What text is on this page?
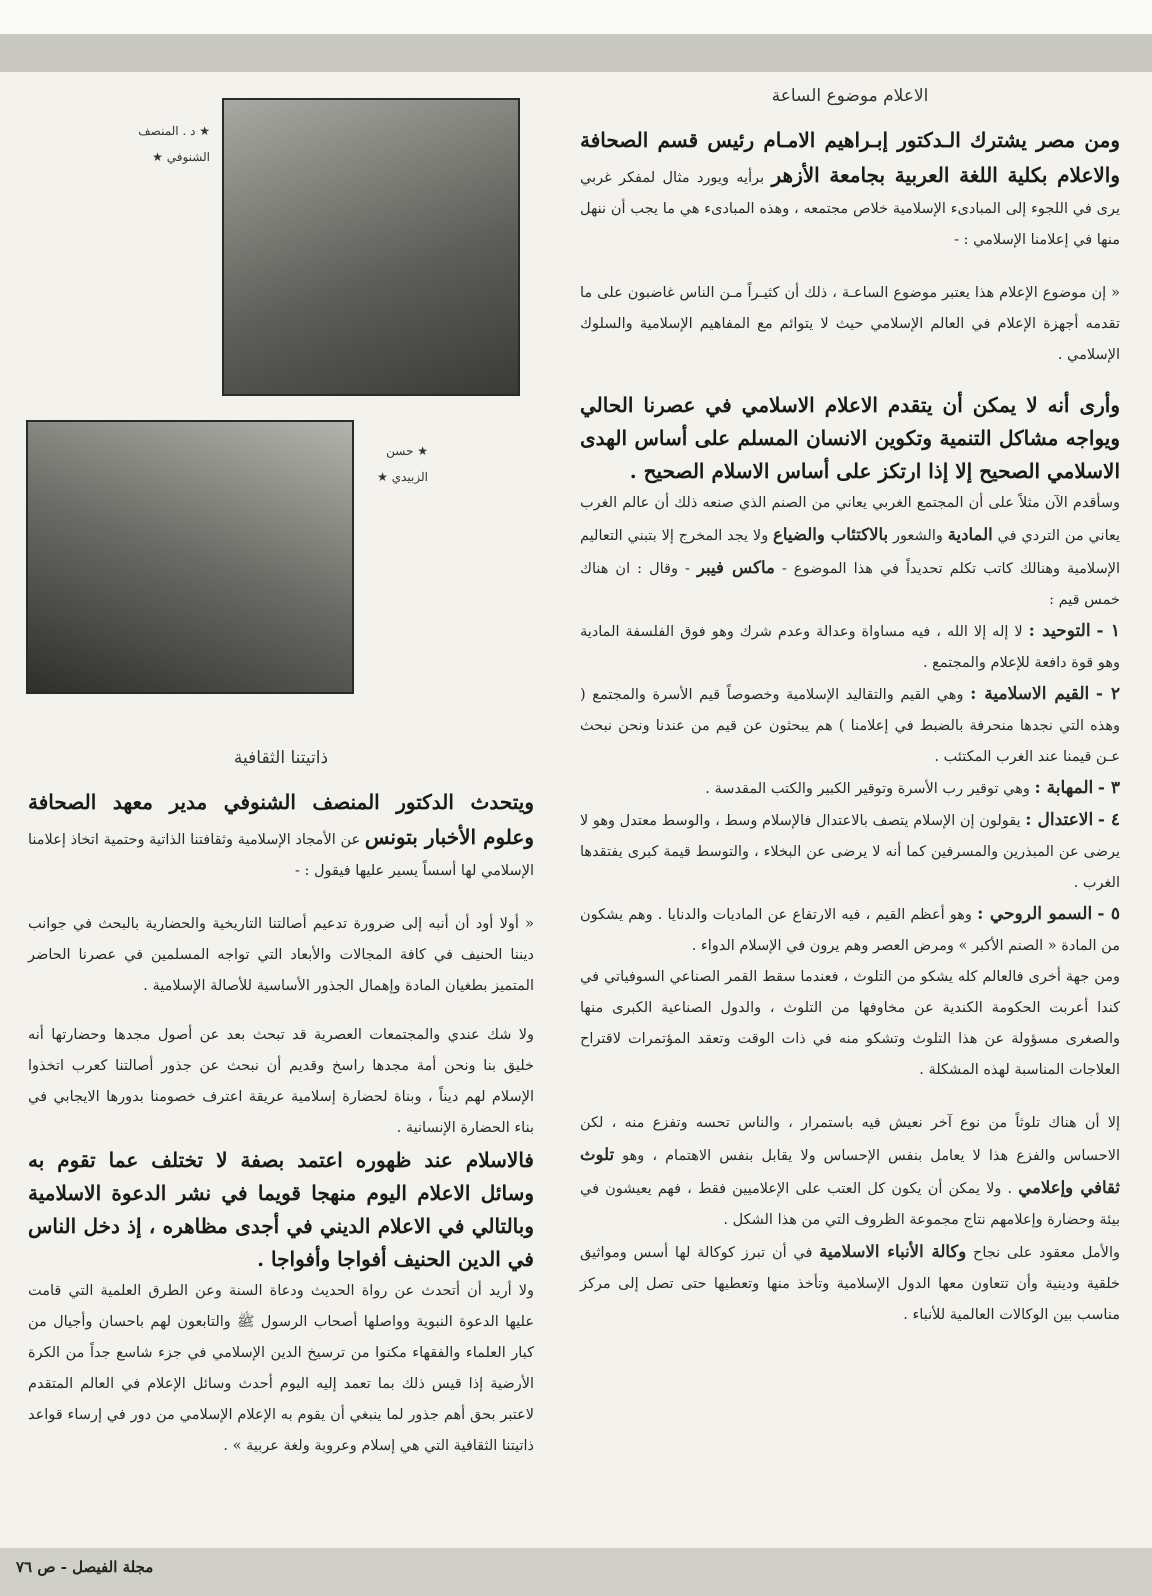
★ د . المنصف
الشنوفي ★
★ حسن
الزبيدي ★
الاعلام موضوع الساعة

ومن مصر يشترك الـدكتور إبـراهيم الامـام رئيس قسم الصحافة والاعلام بكلية اللغة العربية بجامعة الأزهر برأيه ويورد مثال لمفكر غربي يرى في اللجوء إلى المبادىء الإسلامية خلاص مجتمعه ، وهذه المبادىء هي ما يجب أن ننهل منها في إعلامنا الإسلامي : -

« إن موضوع الإعلام هذا يعتبر موضوع الساعـة ، ذلك أن كثيـراً مـن الناس غاضبون على ما تقدمه أجهزة الإعلام في العالم الإسلامي حيث لا يتوائم مع المفاهيم الإسلامية والسلوك الإسلامي .

وأرى أنه لا يمكن أن يتقدم الاعلام الاسلامي في عصرنا الحالي ويواجه مشاكل التنمية وتكوين الانسان المسلم على أساس الهدى الاسلامي الصحيح إلا إذا ارتكز على أساس الاسلام الصحيح .

وسأقدم الآن مثلاً على أن المجتمع الغربي يعاني من الصنم الذي صنعه ذلك أن عالم الغرب يعاني من التردي في المادية والشعور بالاكتئاب والضياع ولا يجد المخرج إلا بتبني التعاليم الإسلامية وهنالك كاتب تكلم تحديداً في هذا الموضوع - ماكس فيبر - وقال : ان هناك خمس قيم :

١ - التوحيد : لا إله إلا الله ، فيه مساواة وعدالة وعدم شرك وهو فوق الفلسفة المادية وهو قوة دافعة للإعلام والمجتمع .

٢ - القيم الاسلامية : وهي القيم والتقاليد الإسلامية وخصوصاً قيم الأسرة والمجتمع ( وهذه التي نجدها منحرفة بالضبط في إعلامنا ) هم يبحثون عن قيم من عندنا ونحن نبحث عـن قيمنا عند الغرب المكتئب .

٣ - المهابة : وهي توقير رب الأسرة وتوقير الكبير والكتب المقدسة .

٤ - الاعتدال : يقولون إن الإسلام يتصف بالاعتدال فالإسلام وسط ، والوسط معتدل وهو لا يرضى عن المبذرين والمسرفين كما أنه لا يرضى عن البخلاء ، والتوسط قيمة كبرى يفتقدها الغرب .

٥ - السمو الروحي : وهو أعظم القيم ، فيه الارتفاع عن الماديات والدنايا . وهم يشكون من المادة « الصنم الأكبر » ومرض العصر وهم يرون في الإسلام الدواء .

ومن جهة أخرى فالعالم كله يشكو من التلوث ، فعندما سقط القمر الصناعي السوفياتي في كندا أعربت الحكومة الكندية عن مخاوفها من التلوث ، والدول الصناعية الكبرى منها والصغرى مسؤولة عن هذا التلوث وتشكو منه في ذات الوقت وتعقد المؤتمرات لاقتراح العلاجات المناسبة لهذه المشكلة .

إلا أن هناك تلوثاً من نوع آخر نعيش فيه باستمرار ، والناس تحسه وتفزع منه ، لكن الاحساس والفزع هذا لا يعامل بنفس الإحساس ولا يقابل بنفس الاهتمام ، وهو تلوث ثقافي وإعلامي . ولا يمكن أن يكون كل العتب على الإعلاميين فقط ، فهم يعيشون في بيئة وحضارة وإعلامهم نتاج مجموعة الظروف التي من هذا الشكل .

والأمل معقود على نجاح وكالة الأنباء الاسلامية في أن تبرز كوكالة لها أسس ومواثيق خلقية ودينية وأن تتعاون معها الدول الإسلامية وتأخذ منها وتعطيها حتى تصل إلى مركز مناسب بين الوكالات العالمية للأنباء .

ذاتيتنا الثقافية

ويتحدث الدكتور المنصف الشنوفي مدير معهد الصحافة وعلوم الأخبار بتونس عن الأمجاد الإسلامية وثقافتنا الذاتية وحتمية اتخاذ إعلامنا الإسلامي لها أسساً يسير عليها فيقول : -

« أولا أود أن أنبه إلى ضرورة تدعيم أصالتنا التاريخية والحضارية بالبحث في جوانب ديننا الحنيف في كافة المجالات والأبعاد التي تواجه المسلمين في عصرنا الحاضر المتميز بطغيان المادة وإهمال الجذور الأساسية للأصالة الإسلامية .

ولا شك عندي والمجتمعات العصرية قد تبحث بعد عن أصول مجدها وحضارتها أنه خليق بنا ونحن أمة مجدها راسخ وقديم أن نبحث عن جذور أصالتنا كعرب اتخذوا الإسلام لهم ديناً ، وبناة لحضارة إسلامية عريقة اعترف خصومنا بدورها الايجابي في بناء الحضارة الإنسانية .

فالاسلام عند ظهوره اعتمد بصفة لا تختلف عما تقوم به وسائل الاعلام اليوم منهجا قويما في نشر الدعوة الاسلامية وبالتالي في الاعلام الديني في أجدى مظاهره ، إذ دخل الناس في الدين الحنيف أفواجا وأفواجا .

ولا أريد أن أتحدث عن رواة الحديث ودعاة السنة وعن الطرق العلمية التي قامت عليها الدعوة النبوية وواصلها أصحاب الرسول ﷺ والتابعون لهم باحسان وأجيال من كبار العلماء والفقهاء مكنوا من ترسيخ الدين الإسلامي في جزء شاسع جداً من الكرة الأرضية إذا قيس ذلك بما تعمد إليه اليوم أحدث وسائل الإعلام في العالم المتقدم لاعتبر بحق أهم جذور لما ينبغي أن يقوم به الإعلام الإسلامي من دور في إرساء قواعد ذاتيتنا الثقافية التي هي إسلام وعروبة ولغة عربية » .

مجلة الفيصل - ص ٧٦
